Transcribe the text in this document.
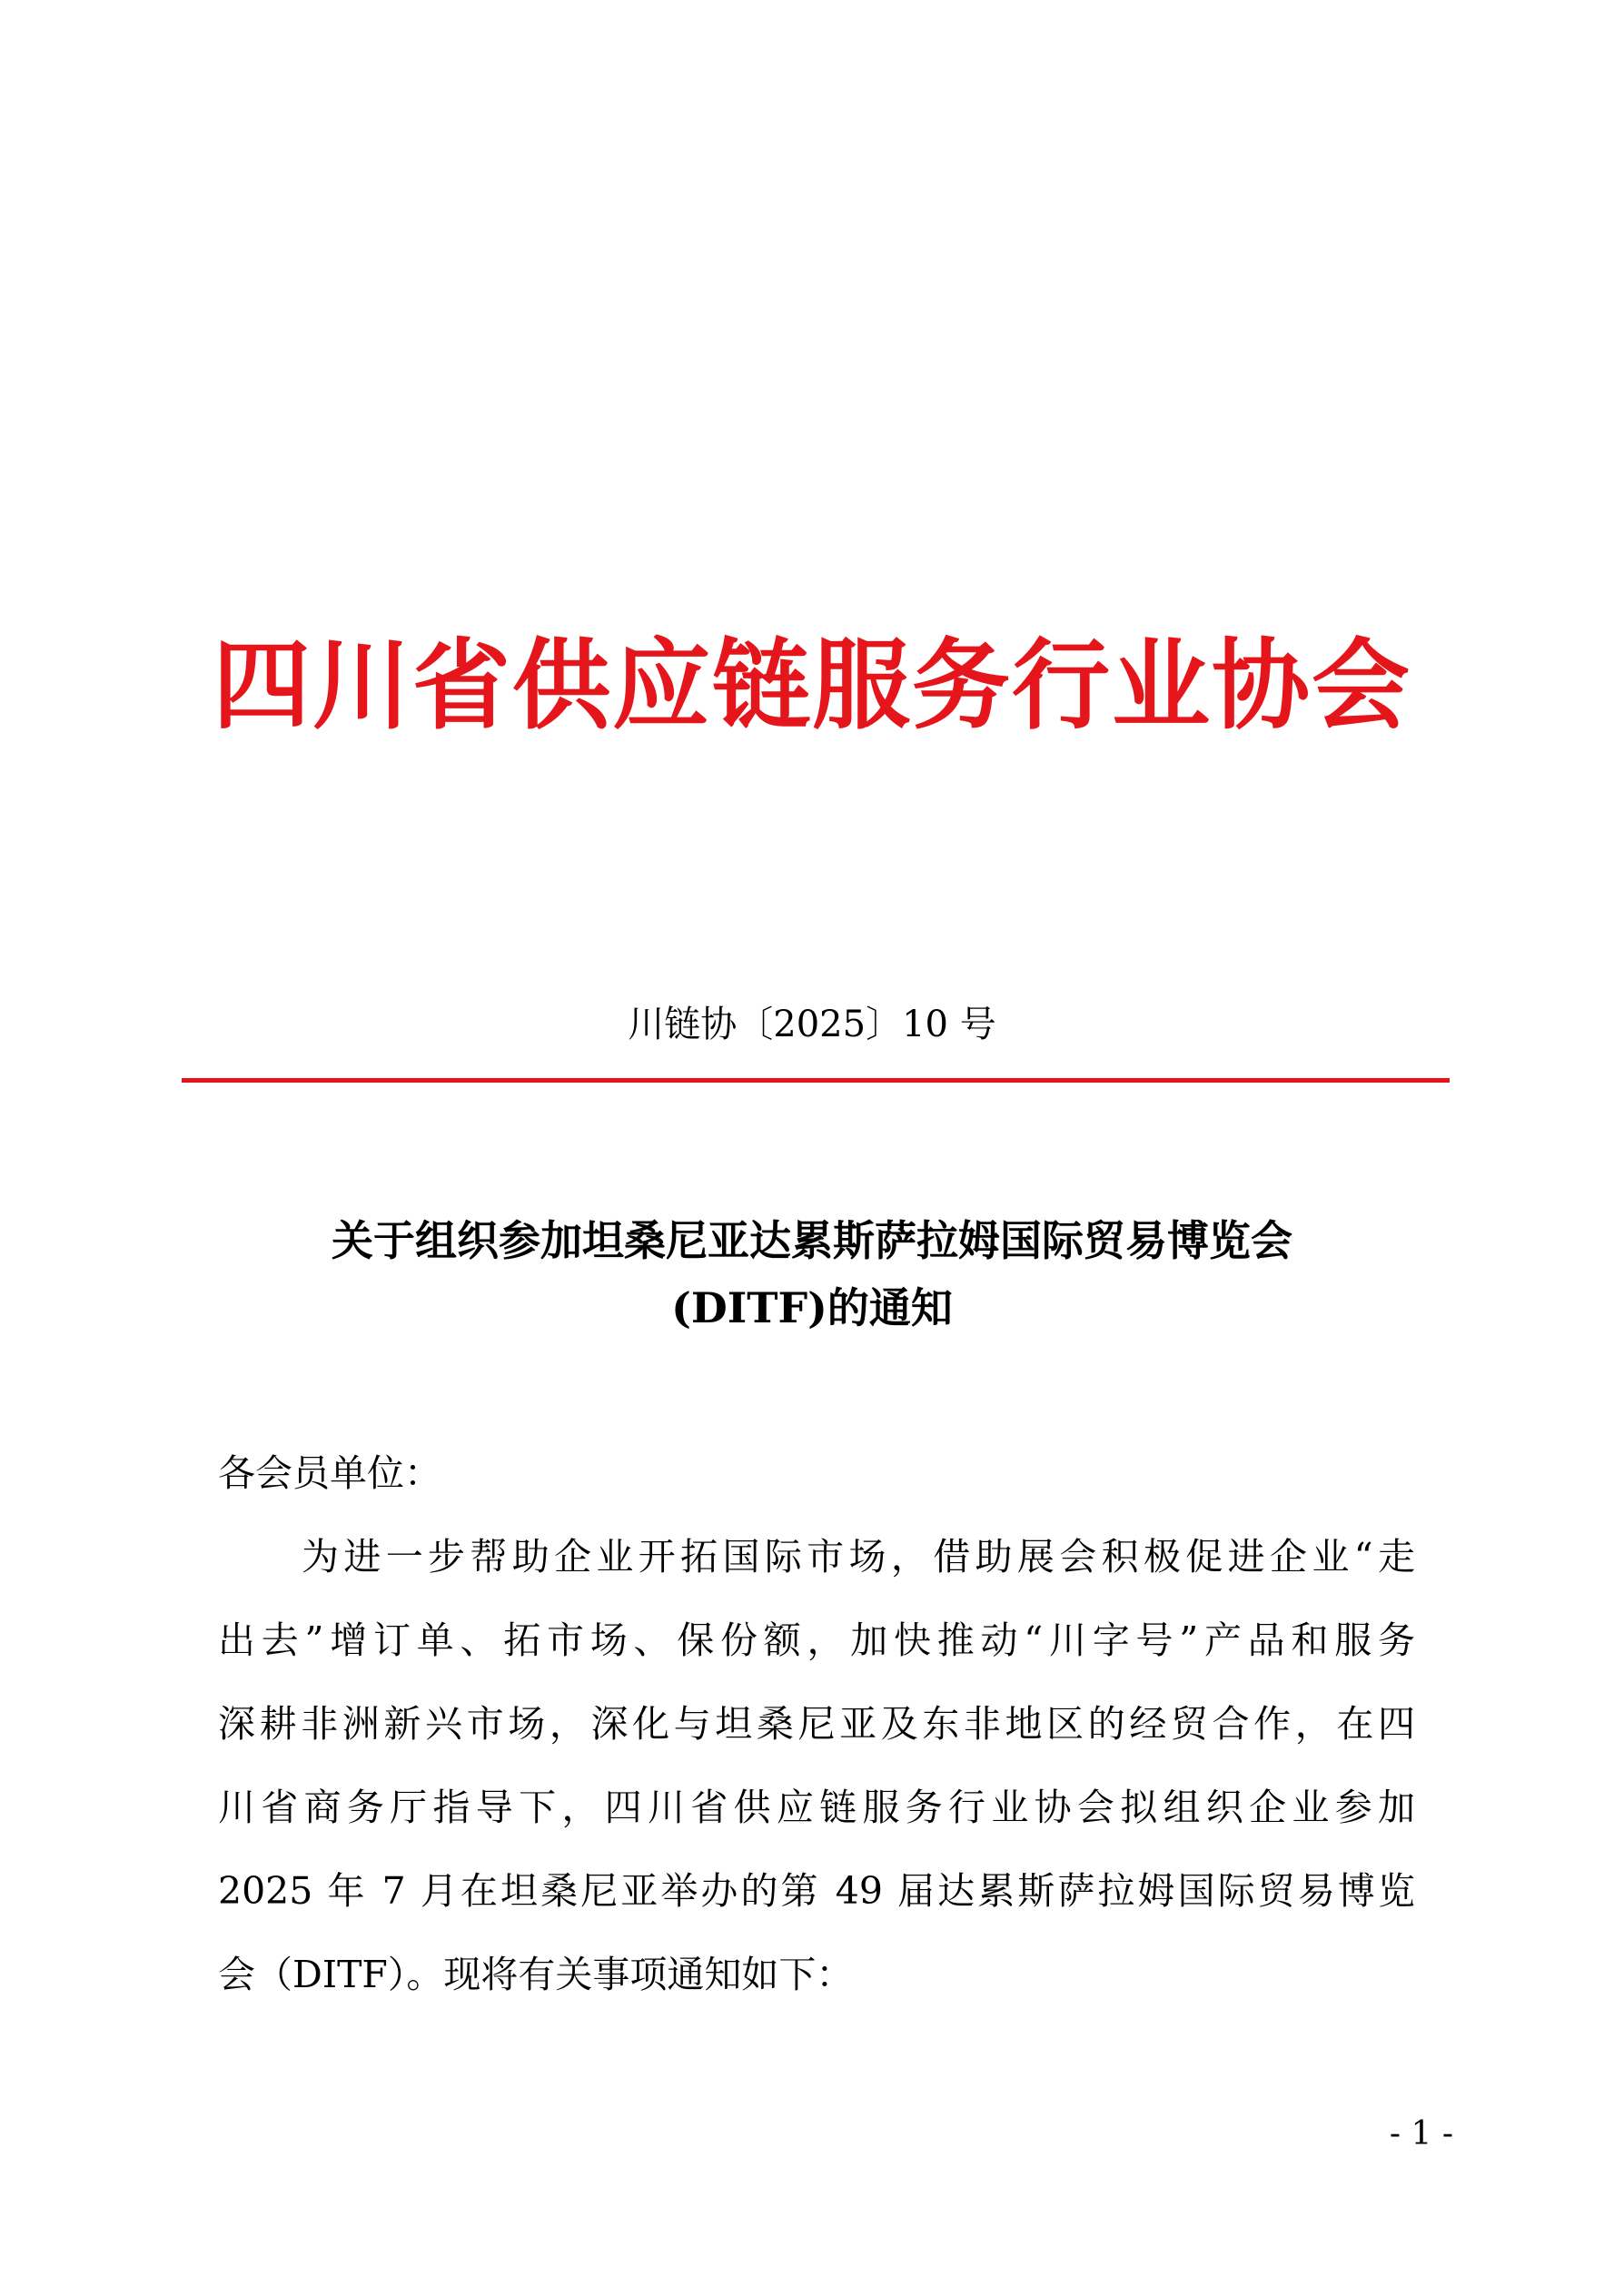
四川省供应链服务行业协会
川链协〔2025〕10 号
关于组织参加坦桑尼亚达累斯萨拉姆国际贸易博览会
(DITF)的通知
各会员单位：
为进一步帮助企业开拓国际市场，借助展会积极促进企业“走
出去”增订单、拓市场、保份额，加快推动“川字号”产品和服务
深耕非洲新兴市场，深化与坦桑尼亚及东非地区的经贸合作，在四
川省商务厅指导下，四川省供应链服务行业协会拟组织企业参加
2025 年 7 月在坦桑尼亚举办的第 49 届达累斯萨拉姆国际贸易博览
会（DITF）。现将有关事项通知如下：
- 1 -
